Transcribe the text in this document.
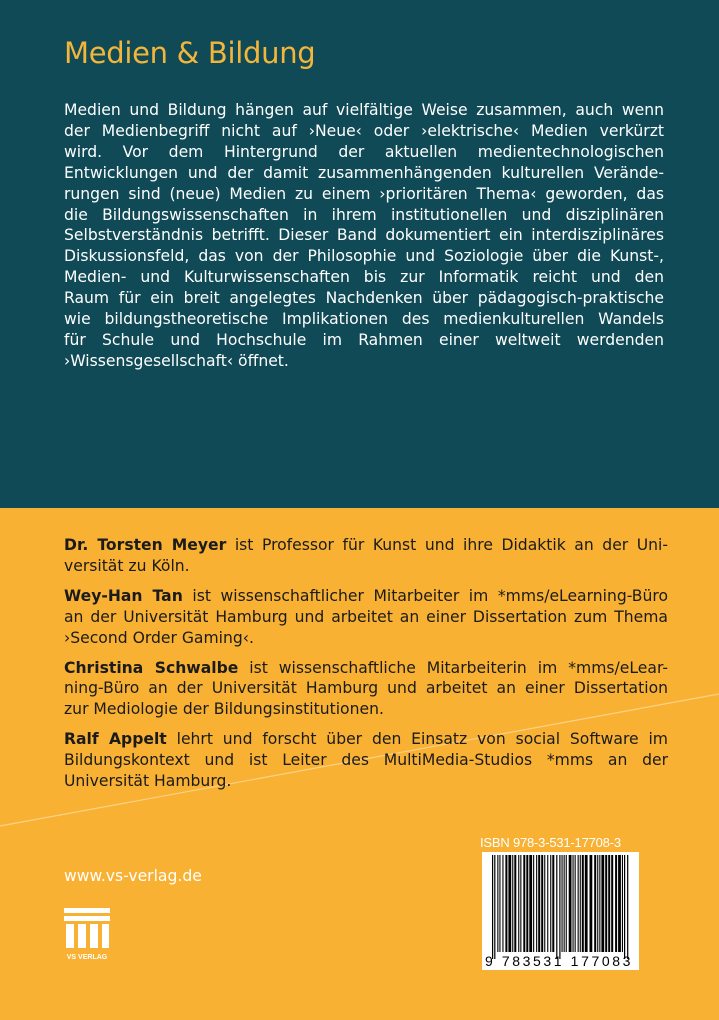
Medien & Bildung
Medien und Bildung hängen auf vielfältige Weise zusammen, auch wenn
der Medienbegriff nicht auf ›Neue‹ oder ›elektrische‹ Medien verkürzt
wird. Vor dem Hintergrund der aktuellen medientechnologischen
Entwicklungen und der damit zusammenhängenden kulturellen Verände-
rungen sind (neue) Medien zu einem ›prioritären Thema‹ geworden, das
die Bildungswissenschaften in ihrem institutionellen und disziplinären
Selbstverständnis betrifft. Dieser Band dokumentiert ein interdisziplinäres
Diskussionsfeld, das von der Philosophie und Soziologie über die Kunst-,
Medien- und Kulturwissenschaften bis zur Informatik reicht und den
Raum für ein breit angelegtes Nachdenken über pädagogisch-praktische
wie bildungstheoretische Implikationen des medienkulturellen Wandels
für Schule und Hochschule im Rahmen einer weltweit werdenden
›Wissensgesellschaft‹ öffnet.
Dr. Torsten Meyer ist Professor für Kunst und ihre Didaktik an der Uni-
versität zu Köln.
Wey-Han Tan ist wissenschaftlicher Mitarbeiter im *mms/eLearning-Büro
an der Universität Hamburg und arbeitet an einer Dissertation zum Thema
›Second Order Gaming‹.
Christina Schwalbe ist wissenschaftliche Mitarbeiterin im *mms/eLear-
ning-Büro an der Universität Hamburg und arbeitet an einer Dissertation
zur Mediologie der Bildungsinstitutionen.
Ralf Appelt lehrt und forscht über den Einsatz von social Software im
Bildungskontext und ist Leiter des MultiMedia-Studios *mms an der
Universität Hamburg.
www.vs-verlag.de
VS VERLAG
ISBN 978-3-531-17708-3
9 783531 177083
